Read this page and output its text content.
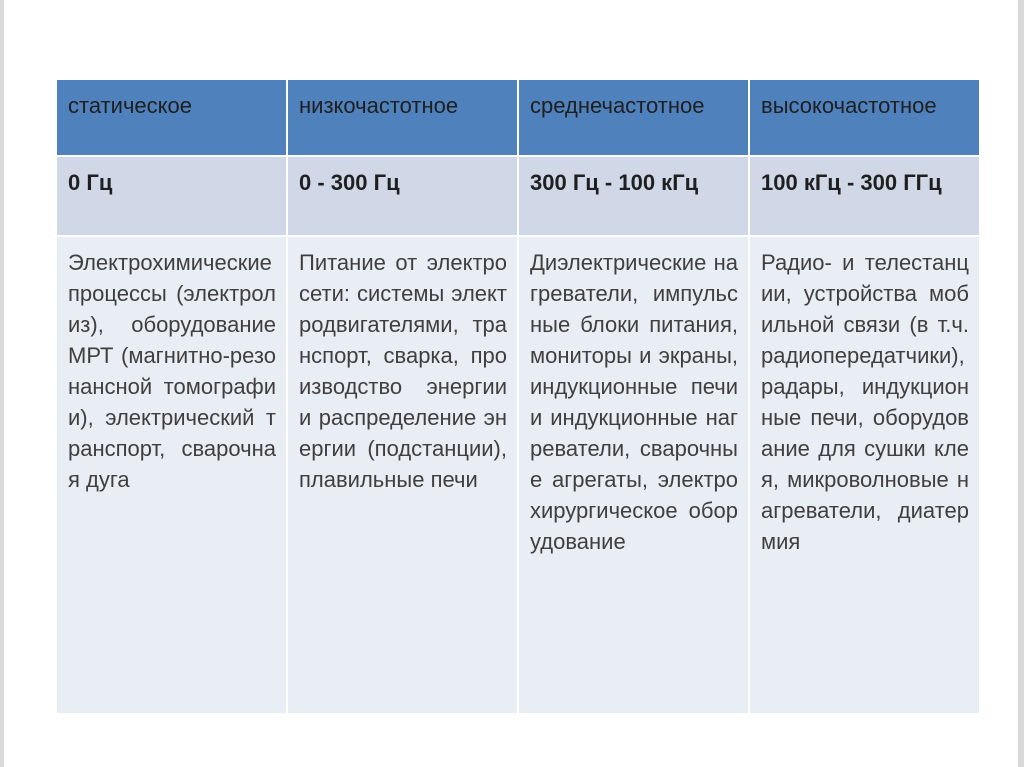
статическое	низкочастотное	среднечастотное	высокочастотное
0 Гц	0 - 300 Гц	300 Гц - 100 кГц	100 кГц - 300 ГГц
Электрохимические процессы (электролиз), оборудование МРТ (магнитно-резонансной томографии), электрический транспорт, сварочная дуга	Питание от электросети: системы электродвигателями, транспорт, сварка, производство энергии и распределение энергии (подстанции), плавильные печи	Диэлектрические нагреватели, импульсные блоки питания, мониторы и экраны, индукционные печи и индукционные нагреватели, сварочные агрегаты, электрохирургическое оборудование	Радио- и телестанции, устройства мобильной связи (в т.ч. радиопередатчики), радары, индукционные печи, оборудование для сушки клея, микроволновые нагреватели, диатермия
